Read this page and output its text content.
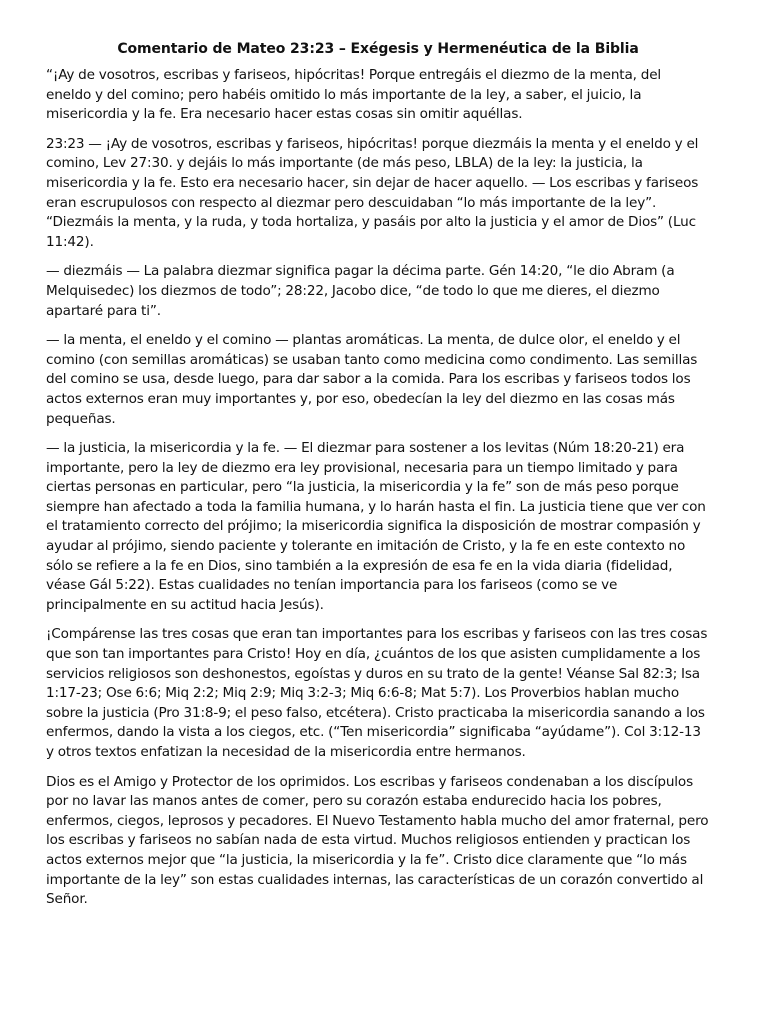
Comentario de Mateo 23:23 – Exégesis y Hermenéutica de la Biblia

“¡Ay de vosotros, escribas y fariseos, hipócritas! Porque entregáis el diezmo de la menta, del eneldo y del comino; pero habéis omitido lo más importante de la ley, a saber, el juicio, la misericordia y la fe. Era necesario hacer estas cosas sin omitir aquéllas.

23:23 — ¡Ay de vosotros, escribas y fariseos, hipócritas! porque diezmáis la menta y el eneldo y el comino, Lev 27:30. y dejáis lo más importante (de más peso, LBLA) de la ley: la justicia, la misericordia y la fe. Esto era necesario hacer, sin dejar de hacer aquello. — Los escribas y fariseos eran escrupulosos con respecto al diezmar pero descuidaban “lo más importante de la ley”. “Diezmáis la menta, y la ruda, y toda hortaliza, y pasáis por alto la justicia y el amor de Dios” (Luc 11:42).

— diezmáis — La palabra diezmar significa pagar la décima parte. Gén 14:20, “le dio Abram (a Melquisedec) los diezmos de todo”; 28:22, Jacobo dice, “de todo lo que me dieres, el diezmo apartaré para ti”.

— la menta, el eneldo y el comino — plantas aromáticas. La menta, de dulce olor, el eneldo y el comino (con semillas aromáticas) se usaban tanto como medicina como condimento. Las semillas del comino se usa, desde luego, para dar sabor a la comida. Para los escribas y fariseos todos los actos externos eran muy importantes y, por eso, obedecían la ley del diezmo en las cosas más pequeñas.

— la justicia, la misericordia y la fe. — El diezmar para sostener a los levitas (Núm 18:20-21) era importante, pero la ley de diezmo era ley provisional, necesaria para un tiempo limitado y para ciertas personas en particular, pero “la justicia, la misericordia y la fe” son de más peso porque siempre han afectado a toda la familia humana, y lo harán hasta el fin. La justicia tiene que ver con el tratamiento correcto del prójimo; la misericordia significa la disposición de mostrar compasión y ayudar al prójimo, siendo paciente y tolerante en imitación de Cristo, y la fe en este contexto no sólo se refiere a la fe en Dios, sino también a la expresión de esa fe en la vida diaria (fidelidad, véase Gál 5:22). Estas cualidades no tenían importancia para los fariseos (como se ve principalmente en su actitud hacia Jesús).

¡Compárense las tres cosas que eran tan importantes para los escribas y fariseos con las tres cosas que son tan importantes para Cristo! Hoy en día, ¿cuántos de los que asisten cumplidamente a los servicios religiosos son deshonestos, egoístas y duros en su trato de la gente! Véanse Sal 82:3; Isa 1:17-23; Ose 6:6; Miq 2:2; Miq 2:9; Miq 3:2-3; Miq 6:6-8; Mat 5:7). Los Proverbios hablan mucho sobre la justicia (Pro 31:8-9; el peso falso, etcétera). Cristo practicaba la misericordia sanando a los enfermos, dando la vista a los ciegos, etc. (“Ten misericordia” significaba “ayúdame”). Col 3:12-13 y otros textos enfatizan la necesidad de la misericordia entre hermanos.

Dios es el Amigo y Protector de los oprimidos. Los escribas y fariseos condenaban a los discípulos por no lavar las manos antes de comer, pero su corazón estaba endurecido hacia los pobres, enfermos, ciegos, leprosos y pecadores. El Nuevo Testamento habla mucho del amor fraternal, pero los escribas y fariseos no sabían nada de esta virtud. Muchos religiosos entienden y practican los actos externos mejor que “la justicia, la misericordia y la fe”. Cristo dice claramente que “lo más importante de la ley” son estas cualidades internas, las características de un corazón convertido al Señor.
